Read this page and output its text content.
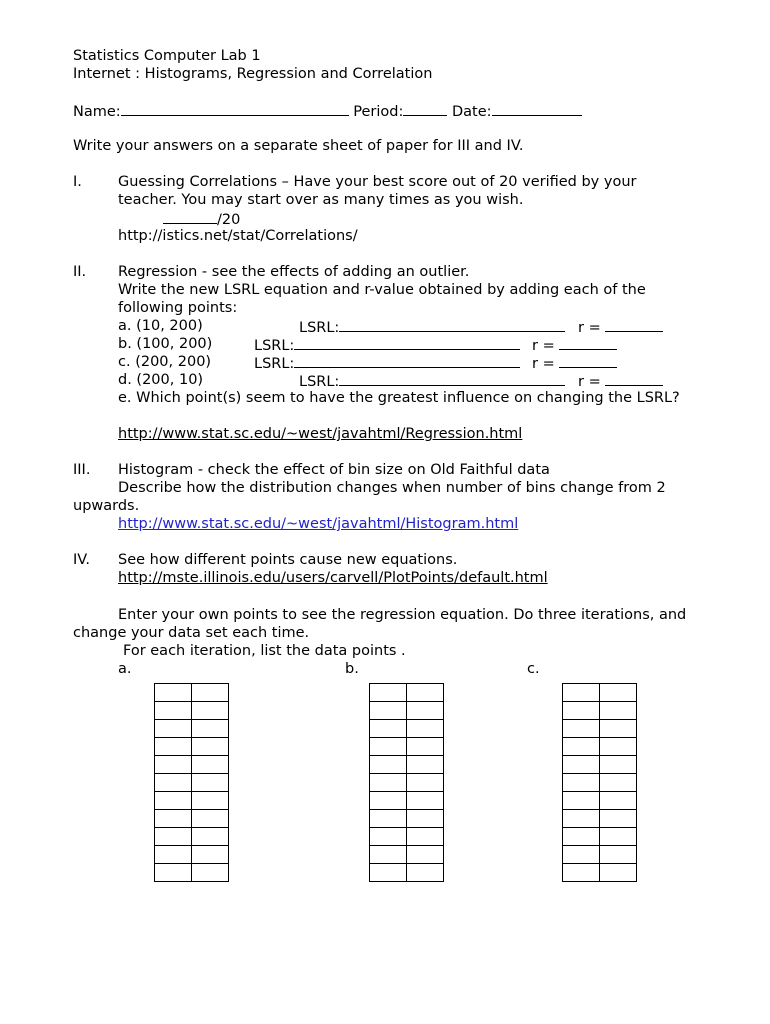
Statistics Computer Lab 1
Internet : Histograms, Regression and Correlation
Name:	Period:	Date:
Write your answers on a separate sheet of paper for III and IV.
I. Guessing Correlations – Have your best score out of 20 verified by your
teacher. You may start over as many times as you wish.
/20
http://istics.net/stat/Correlations/
II. Regression - see the effects of adding an outlier.
Write the new LSRL equation and r-value obtained by adding each of the
following points:
a. (10, 200)	LSRL:	r =
b. (100, 200)	LSRL:	r =
c. (200, 200)	LSRL:	r =
d. (200, 10)	LSRL:	r =
e. Which point(s) seem to have the greatest influence on changing the LSRL?
http://www.stat.sc.edu/~west/javahtml/Regression.html
III. Histogram - check the effect of bin size on Old Faithful data
Describe how the distribution changes when number of bins change from 2
upwards.
http://www.stat.sc.edu/~west/javahtml/Histogram.html
IV. See how different points cause new equations.
http://mste.illinois.edu/users/carvell/PlotPoints/default.html
Enter your own points to see the regression equation. Do three iterations, and
change your data set each time.
For each iteration, list the data points .
a.	b.	c.
